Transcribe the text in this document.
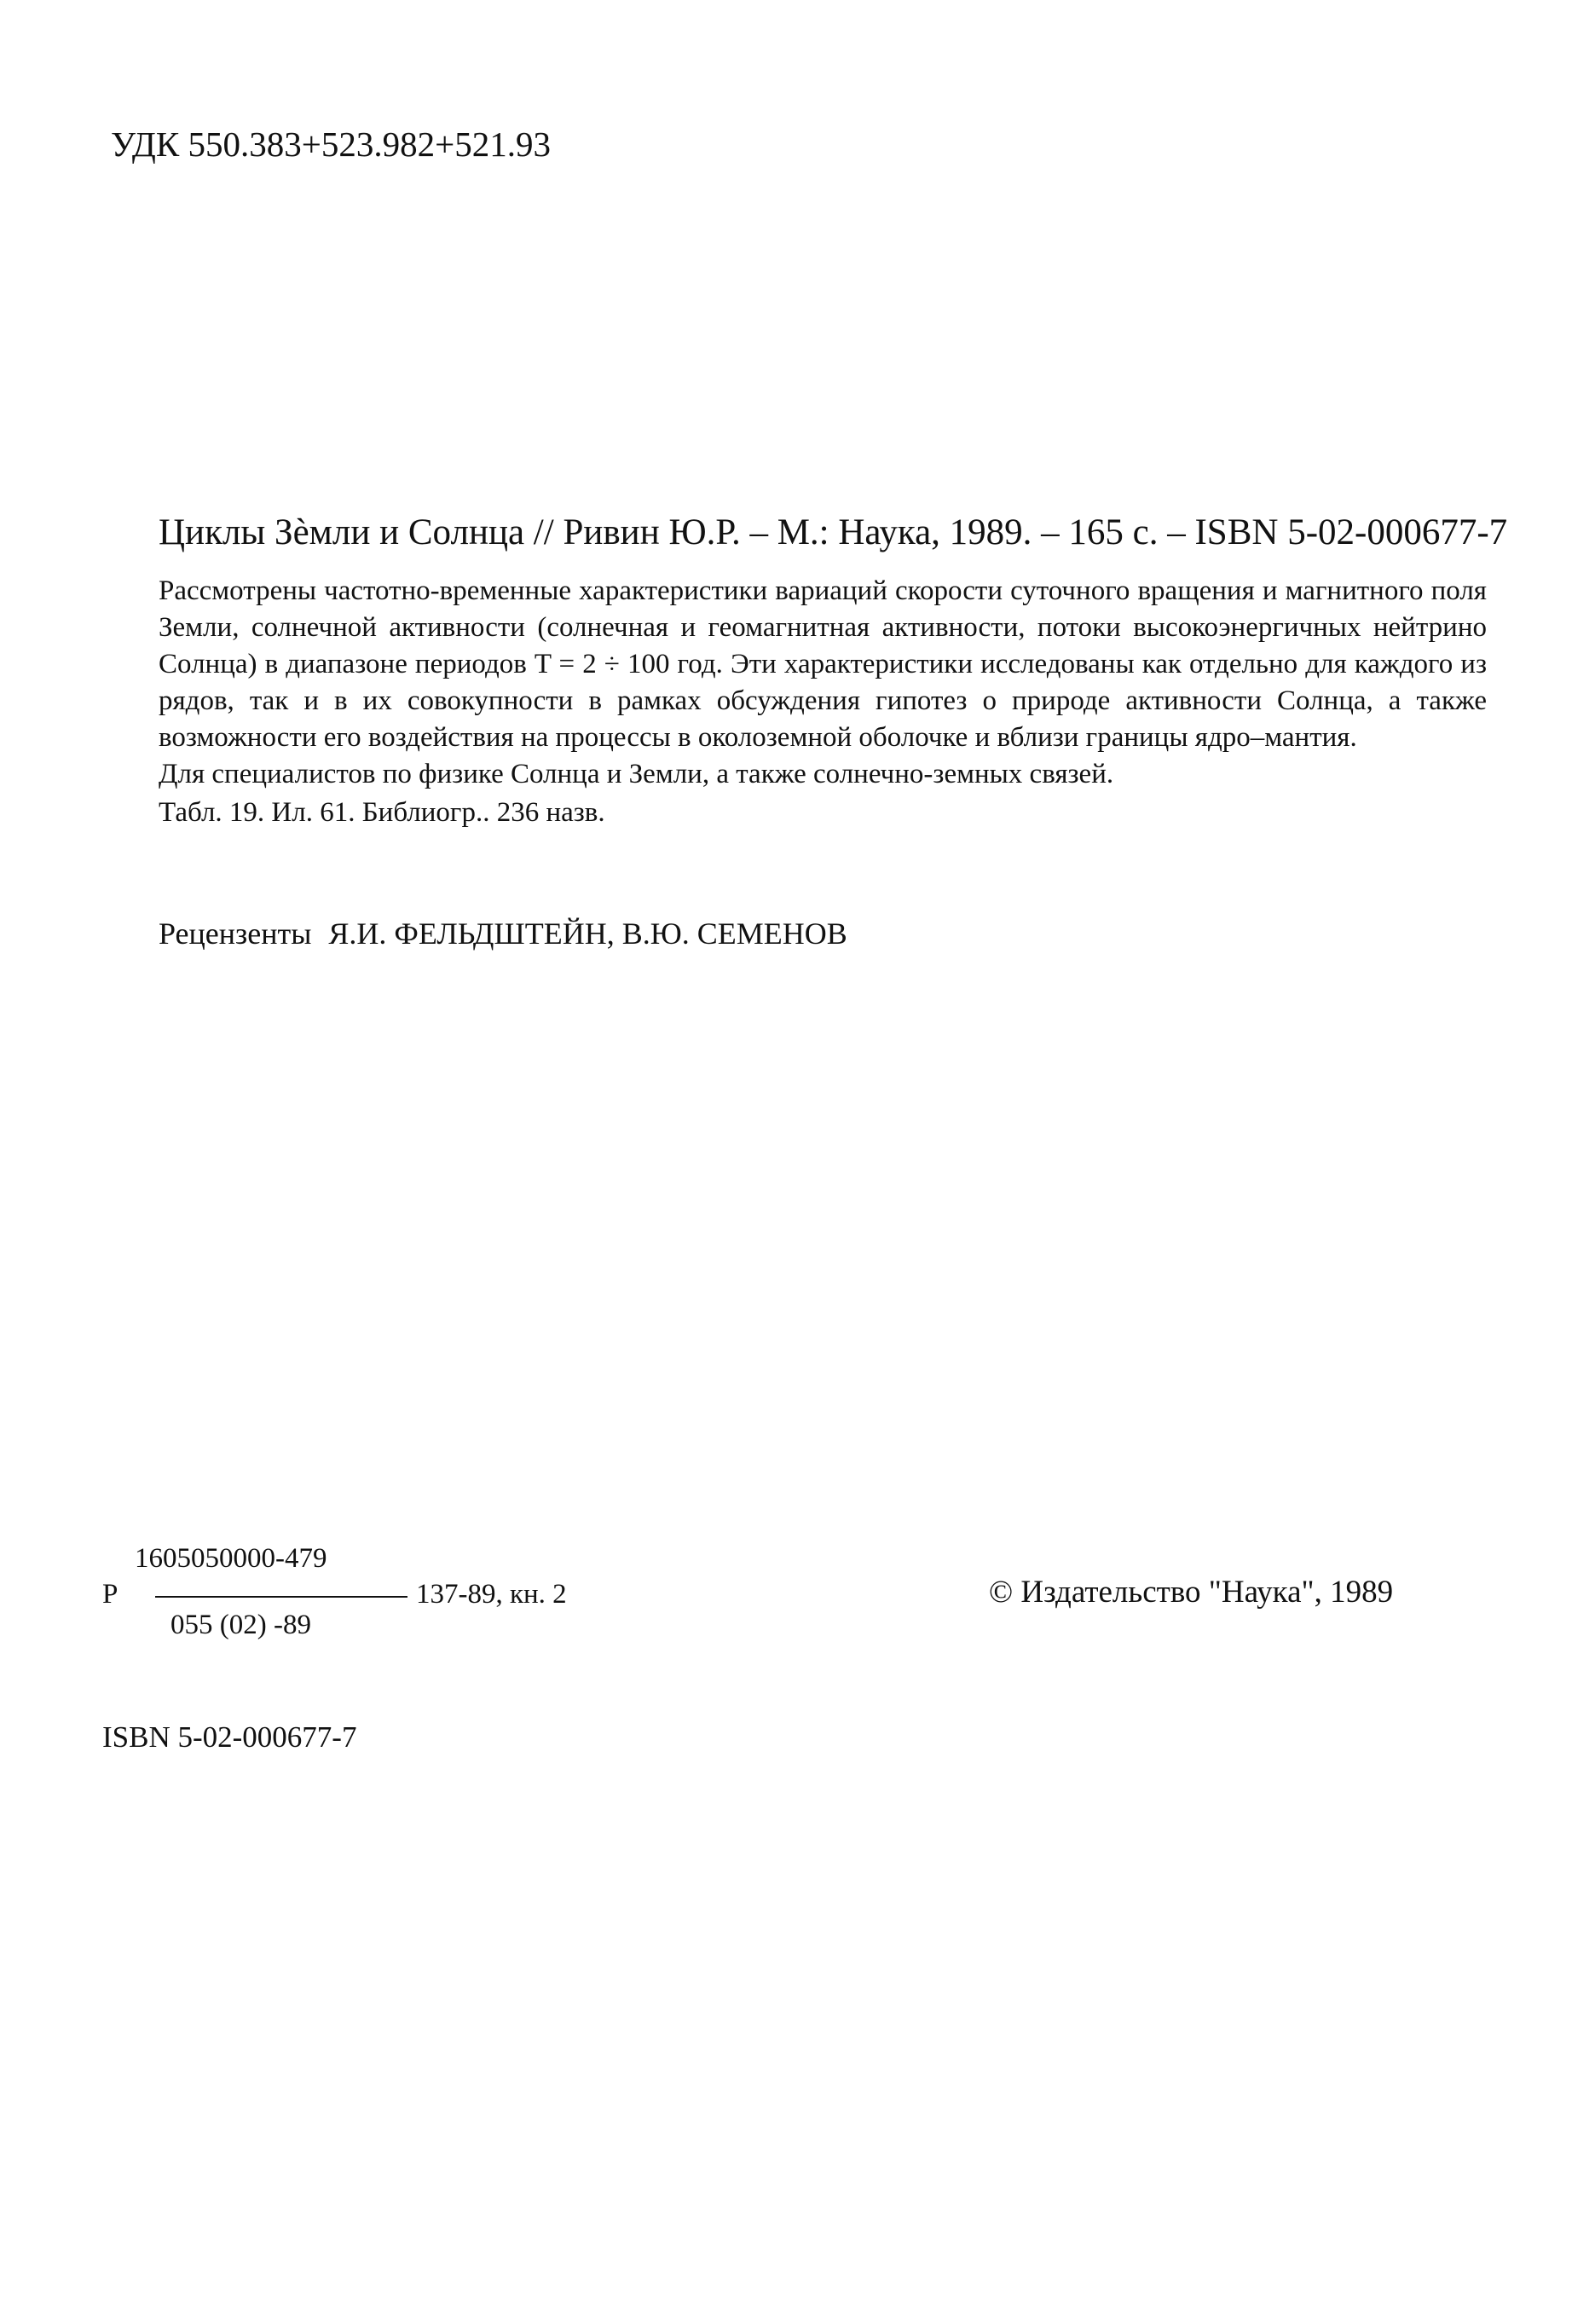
УДК 550.383+523.982+521.93
Циклы Зѐмли и Солнца // Ривин Ю.Р. – М.: Наука, 1989. – 165 с. – ISBN 5-02-000677-7

Рассмотрены частотно-временные характеристики вариаций скорости суточного вращения и магнитного поля Земли, солнечной активности (солнечная и геомагнитная активности, потоки высокоэнергичных нейтрино Солнца) в диапазоне периодов T = 2 ÷ 100 год. Эти характеристики исследованы как отдельно для каждого из рядов, так и в их совокупности в рамках обсуждения гипотез о природе активности Солнца, а также возможности его воздействия на процессы в околоземной оболочке и вблизи границы ядро–мантия.

Для специалистов по физике Солнца и Земли, а также солнечно-земных связей.

Табл. 19. Ил. 61. Библиогр.. 236 назв.

Рецензенты Я.И. ФЕЛЬДШТЕЙН, В.Ю. СЕМЕНОВ
Р
1605050000-479
055 (02) -89
137-89, кн. 2	© Издательство "Наука", 1989
ISBN 5-02-000677-7
